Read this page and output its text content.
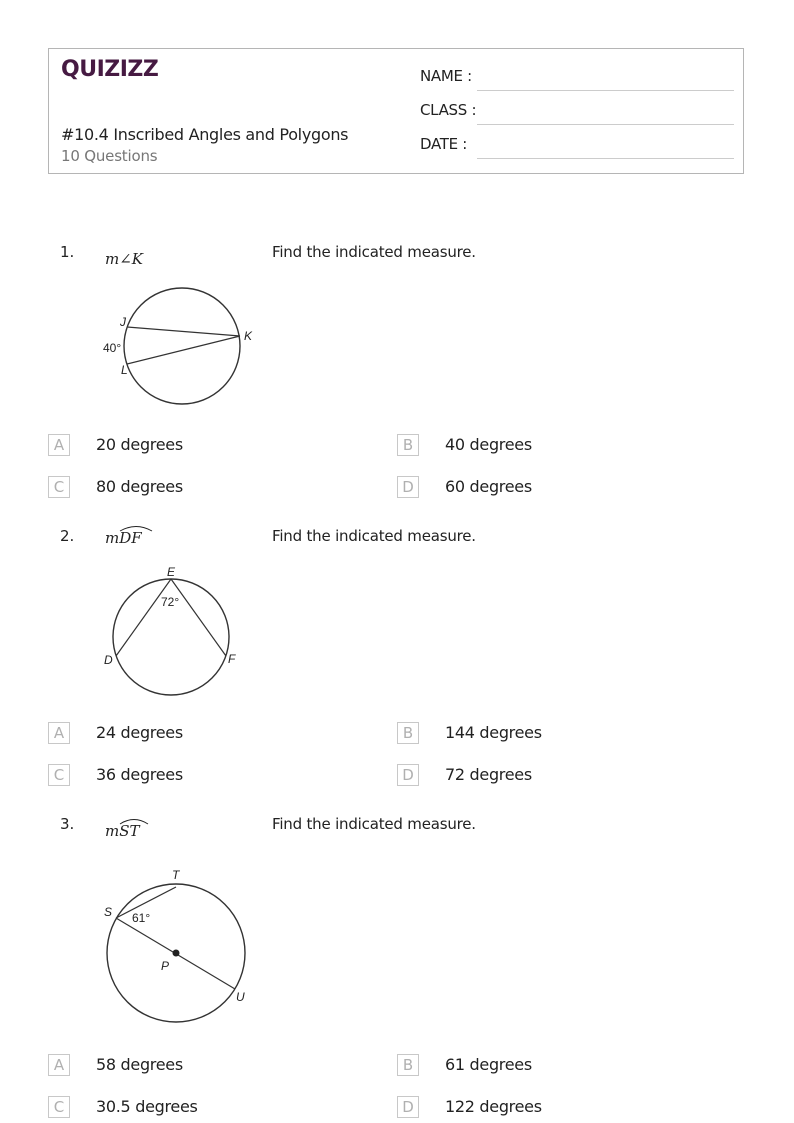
QUIZIZZ
#10.4 Inscribed Angles and Polygons
10 Questions
NAME :
CLASS :
DATE :
1. m∠K	Find the indicated measure.
J
K
L
40°
A	20 degrees	B	40 degrees
C	80 degrees	D	60 degrees
2. m
DF	Find the indicated measure.
E
D	F
72°
A	24 degrees	B	144 degrees
C	36 degrees	D	72 degrees
3. m
ST	Find the indicated measure.
T
S
P
U
61°
A	58 degrees	B	61 degrees
C	30.5 degrees	D	122 degrees
